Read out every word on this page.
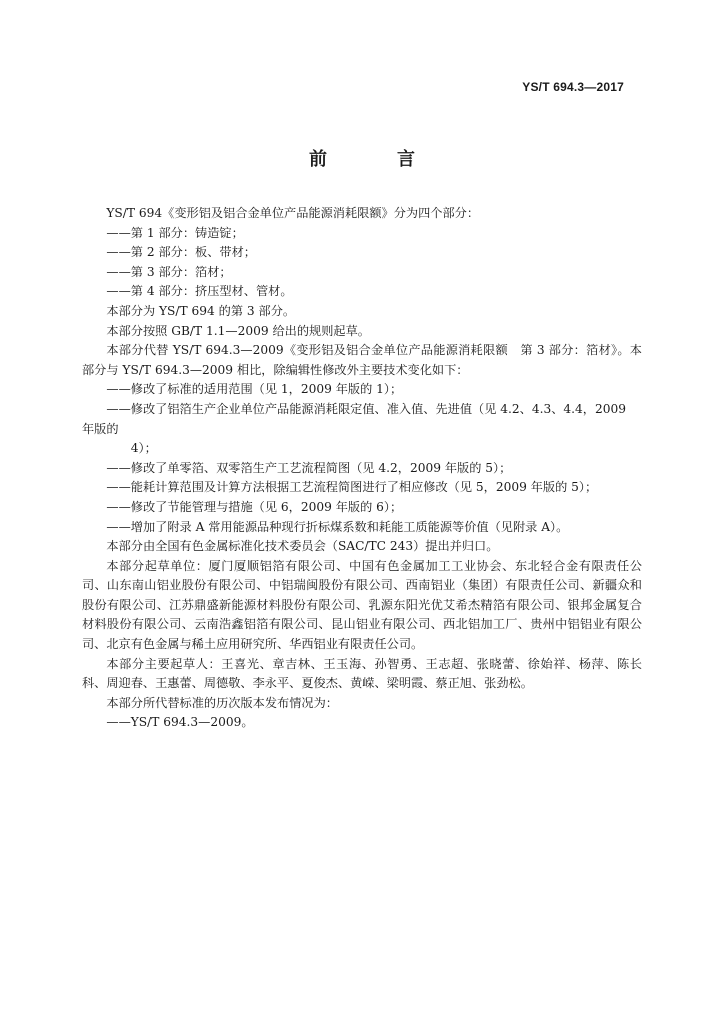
YS/T 694.3—2017
前　言

YS/T 694《变形铝及铝合金单位产品能源消耗限额》分为四个部分：

——第 1 部分：铸造锭；

——第 2 部分：板、带材；

——第 3 部分：箔材；

——第 4 部分：挤压型材、管材。

本部分为 YS/T 694 的第 3 部分。

本部分按照 GB/T 1.1—2009 给出的规则起草。

本部分代替 YS/T 694.3—2009《变形铝及铝合金单位产品能源消耗限额　第 3 部分：箔材》。本部分与 YS/T 694.3—2009 相比，除编辑性修改外主要技术变化如下：

——修改了标准的适用范围（见 1，2009 年版的 1）；

——修改了铝箔生产企业单位产品能源消耗限定值、准入值、先进值（见 4.2、4.3、4.4，2009 年版的

4）；

——修改了单零箔、双零箔生产工艺流程简图（见 4.2，2009 年版的 5）；

——能耗计算范围及计算方法根据工艺流程简图进行了相应修改（见 5，2009 年版的 5）；

——修改了节能管理与措施（见 6，2009 年版的 6）；

——增加了附录 A 常用能源品种现行折标煤系数和耗能工质能源等价值（见附录 A）。

本部分由全国有色金属标准化技术委员会（SAC/TC 243）提出并归口。

本部分起草单位：厦门厦顺铝箔有限公司、中国有色金属加工工业协会、东北轻合金有限责任公司、山东南山铝业股份有限公司、中铝瑞闽股份有限公司、西南铝业（集团）有限责任公司、新疆众和股份有限公司、江苏鼎盛新能源材料股份有限公司、乳源东阳光优艾希杰精箔有限公司、银邦金属复合材料股份有限公司、云南浩鑫铝箔有限公司、昆山铝业有限公司、西北铝加工厂、贵州中铝铝业有限公司、北京有色金属与稀土应用研究所、华西铝业有限责任公司。

本部分主要起草人：王喜光、章吉林、王玉海、孙智勇、王志超、张晓蕾、徐始祥、杨萍、陈长科、周迎春、王惠蕾、周德敬、李永平、夏俊杰、黄嵘、梁明霞、蔡正旭、张劲松。

本部分所代替标准的历次版本发布情况为：

——YS/T 694.3—2009。
